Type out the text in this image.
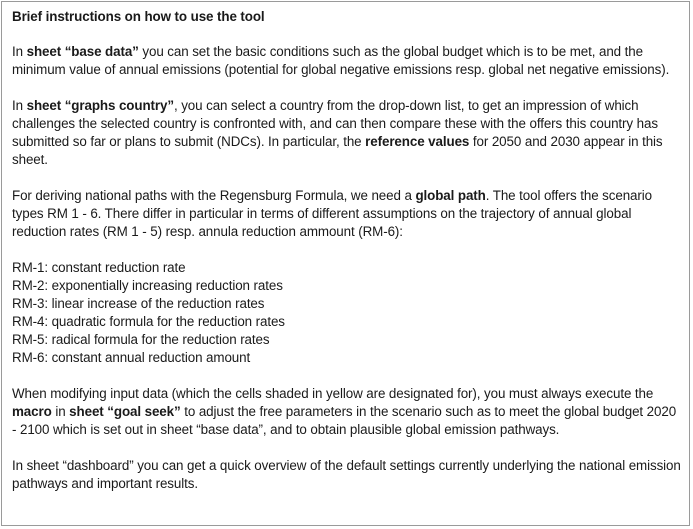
Brief instructions on how to use the tool

In sheet “base data” you can set the basic conditions such as the global budget which is to be met, and the minimum value of annual emissions (potential for global negative emissions resp. global net negative emissions).

In sheet “graphs country”, you can select a country from the drop-down list, to get an impression of which challenges the selected country is confronted with, and can then compare these with the offers this country has submitted so far or plans to submit (NDCs). In particular, the reference values for 2050 and 2030 appear in this sheet.

For deriving national paths with the Regensburg Formula, we need a global path. The tool offers the scenario types RM 1 - 6. There differ in particular in terms of different assumptions on the trajectory of annual global reduction rates (RM 1 - 5) resp. annula reduction ammount (RM-6):

RM-1: constant reduction rate
RM-2: exponentially increasing reduction rates
RM-3: linear increase of the reduction rates
RM-4: quadratic formula for the reduction rates
RM-5: radical formula for the reduction rates
RM-6: constant annual reduction amount

When modifying input data (which the cells shaded in yellow are designated for), you must always execute the macro in sheet “goal seek” to adjust the free parameters in the scenario such as to meet the global budget 2020 - 2100 which is set out in sheet “base data”, and to obtain plausible global emission pathways.

In sheet “dashboard” you can get a quick overview of the default settings currently underlying the national emission pathways and important results.
